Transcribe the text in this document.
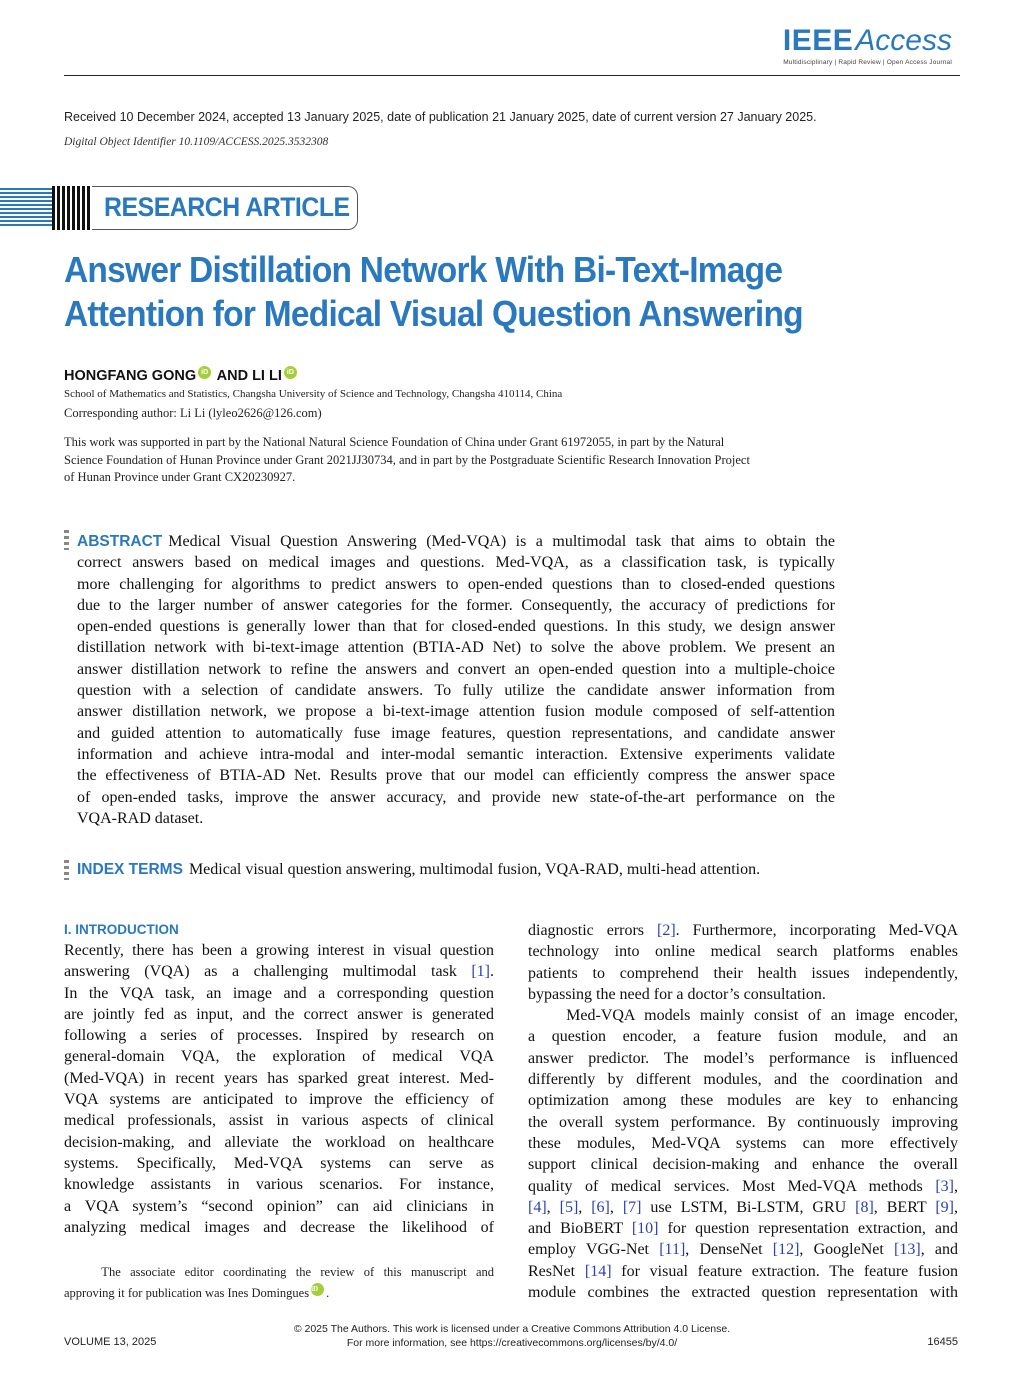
IEEEAccess
Multidisciplinary | Rapid Review | Open Access Journal
Received 10 December 2024, accepted 13 January 2025, date of publication 21 January 2025, date of current version 27 January 2025.
Digital Object Identifier 10.1109/ACCESS.2025.3532308
RESEARCH ARTICLE
Answer Distillation Network With Bi-Text-Image
Attention for Medical Visual Question Answering
HONGFANG GONG iD AND LI LI iD
School of Mathematics and Statistics, Changsha University of Science and Technology, Changsha 410114, China
Corresponding author: Li Li (lyleo2626@126.com)
This work was supported in part by the National Natural Science Foundation of China under Grant 61972055, in part by the Natural
Science Foundation of Hunan Province under Grant 2021JJ30734, and in part by the Postgraduate Scientific Research Innovation Project
of Hunan Province under Grant CX20230927.
ABSTRACT Medical Visual Question Answering (Med-VQA) is a multimodal task that aims to obtain the
correct answers based on medical images and questions. Med-VQA, as a classification task, is typically
more challenging for algorithms to predict answers to open-ended questions than to closed-ended questions
due to the larger number of answer categories for the former. Consequently, the accuracy of predictions for
open-ended questions is generally lower than that for closed-ended questions. In this study, we design answer
distillation network with bi-text-image attention (BTIA-AD Net) to solve the above problem. We present an
answer distillation network to refine the answers and convert an open-ended question into a multiple-choice
question with a selection of candidate answers. To fully utilize the candidate answer information from
answer distillation network, we propose a bi-text-image attention fusion module composed of self-attention
and guided attention to automatically fuse image features, question representations, and candidate answer
information and achieve intra-modal and inter-modal semantic interaction. Extensive experiments validate
the effectiveness of BTIA-AD Net. Results prove that our model can efficiently compress the answer space
of open-ended tasks, improve the answer accuracy, and provide new state-of-the-art performance on the
VQA-RAD dataset.
INDEX TERMS Medical visual question answering, multimodal fusion, VQA-RAD, multi-head attention.
I. INTRODUCTION
Recently, there has been a growing interest in visual question
answering (VQA) as a challenging multimodal task [1].
In the VQA task, an image and a corresponding question
are jointly fed as input, and the correct answer is generated
following a series of processes. Inspired by research on
general-domain VQA, the exploration of medical VQA
(Med-VQA) in recent years has sparked great interest. Med-
VQA systems are anticipated to improve the efficiency of
medical professionals, assist in various aspects of clinical
decision-making, and alleviate the workload on healthcare
systems. Specifically, Med-VQA systems can serve as
knowledge assistants in various scenarios. For instance,
a VQA system’s “second opinion” can aid clinicians in
analyzing medical images and decrease the likelihood of
The associate editor coordinating the review of this manuscript and
approving it for publication was Ines Domingues iD .
diagnostic errors [2]. Furthermore, incorporating Med-VQA
technology into online medical search platforms enables
patients to comprehend their health issues independently,
bypassing the need for a doctor’s consultation.
Med-VQA models mainly consist of an image encoder,
a question encoder, a feature fusion module, and an
answer predictor. The model’s performance is influenced
differently by different modules, and the coordination and
optimization among these modules are key to enhancing
the overall system performance. By continuously improving
these modules, Med-VQA systems can more effectively
support clinical decision-making and enhance the overall
quality of medical services. Most Med-VQA methods [3],
[4], [5], [6], [7] use LSTM, Bi-LSTM, GRU [8], BERT [9],
and BioBERT [10] for question representation extraction, and
employ VGG-Net [11], DenseNet [12], GoogleNet [13], and
ResNet [14] for visual feature extraction. The feature fusion
module combines the extracted question representation with
© 2025 The Authors. This work is licensed under a Creative Commons Attribution 4.0 License.
For more information, see https://creativecommons.org/licenses/by/4.0/
VOLUME 13, 2025	16455
